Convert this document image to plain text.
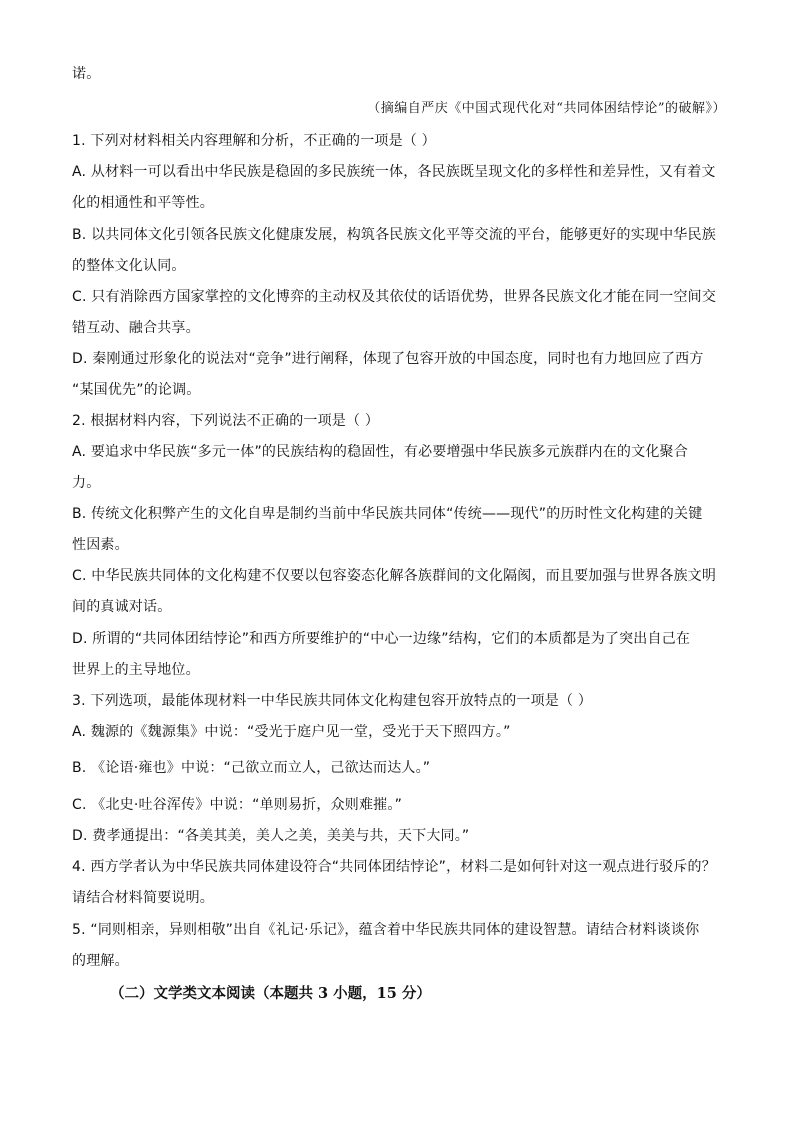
诺。
（摘编自严庆《中国式现代化对“共同体困结悖论”的破解》）
1. 下列对材料相关内容理解和分析，不正确的一项是（ ）
A. 从材料一可以看出中华民族是稳固的多民族统一体，各民族既呈现文化的多样性和差异性，又有着文
化的相通性和平等性。
B. 以共同体文化引领各民族文化健康发展，构筑各民族文化平等交流的平台，能够更好的实现中华民族
的整体文化认同。
C. 只有消除西方国家掌控的文化博弈的主动权及其依仗的话语优势，世界各民族文化才能在同一空间交
错互动、融合共享。
D. 秦刚通过形象化的说法对“竞争”进行阐释，体现了包容开放的中国态度，同时也有力地回应了西方
“某国优先”的论调。
2. 根据材料内容，下列说法不正确的一项是（ ）
A. 要追求中华民族“多元一体”的民族结构的稳固性，有必要增强中华民族多元族群内在的文化聚合
力。
B. 传统文化积弊产生的文化自卑是制约当前中华民族共同体“传统——现代”的历时性文化构建的关键
性因素。
C. 中华民族共同体的文化构建不仅要以包容姿态化解各族群间的文化隔阂，而且要加强与世界各族文明
间的真诚对话。
D. 所谓的“共同体团结悖论”和西方所要维护的“中心一边缘”结构，它们的本质都是为了突出自己在
世界上的主导地位。
3. 下列选项，最能体现材料一中华民族共同体文化构建包容开放特点的一项是（ ）
A. 魏源的《魏源集》中说：“受光于庭户见一堂，受光于天下照四方。”
B. 《论语·雍也》中说：“己欲立而立人，己欲达而达人。”
C. 《北史·吐谷浑传》中说：“单则易折，众则难摧。”
D. 费孝通提出：“各美其美，美人之美，美美与共，天下大同。”
4. 西方学者认为中华民族共同体建设符合“共同体团结悖论”，材料二是如何针对这一观点进行驳斥的？
请结合材料简要说明。
5. “同则相亲，异则相敬”出自《礼记·乐记》，蕴含着中华民族共同体的建设智慧。请结合材料谈谈你
的理解。
（二）文学类文本阅读（本题共 3 小题，15 分）
